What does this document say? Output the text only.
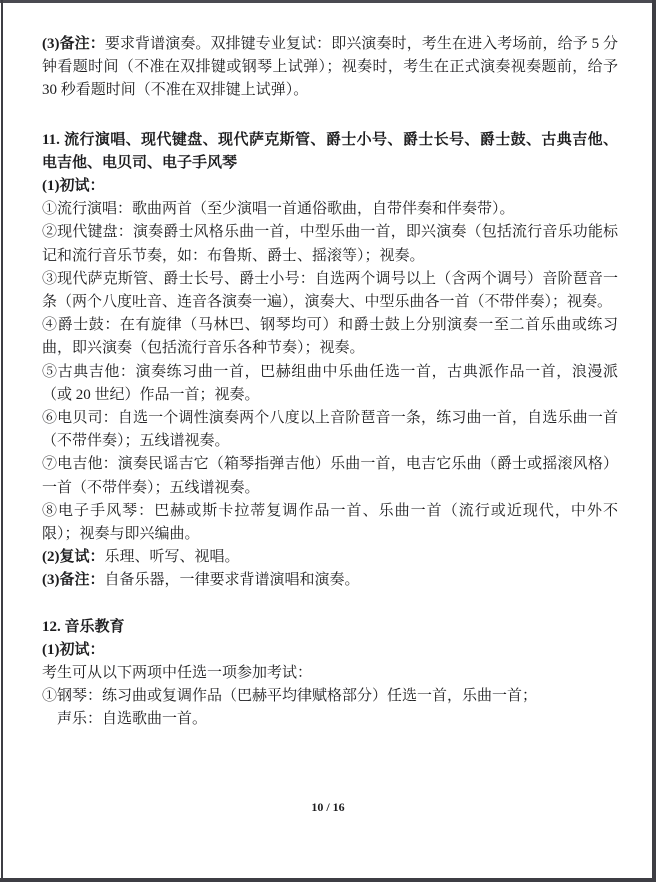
(3)备注：要求背谱演奏。双排键专业复试：即兴演奏时，考生在进入考场前，给予 5 分钟看题时间（不准在双排键或钢琴上试弹）；视奏时，考生在正式演奏视奏题前，给予 30 秒看题时间（不准在双排键上试弹）。

11. 流行演唱、现代键盘、现代萨克斯管、爵士小号、爵士长号、爵士鼓、古典吉他、电吉他、电贝司、电子手风琴

(1)初试：

①流行演唱：歌曲两首（至少演唱一首通俗歌曲，自带伴奏和伴奏带）。

②现代键盘：演奏爵士风格乐曲一首，中型乐曲一首，即兴演奏（包括流行音乐功能标记和流行音乐节奏，如：布鲁斯、爵士、摇滚等）；视奏。

③现代萨克斯管、爵士长号、爵士小号：自选两个调号以上（含两个调号）音阶琶音一条（两个八度吐音、连音各演奏一遍），演奏大、中型乐曲各一首（不带伴奏）；视奏。

④爵士鼓：在有旋律（马林巴、钢琴均可）和爵士鼓上分别演奏一至二首乐曲或练习曲，即兴演奏（包括流行音乐各种节奏）；视奏。

⑤古典吉他：演奏练习曲一首，巴赫组曲中乐曲任选一首，古典派作品一首，浪漫派（或 20 世纪）作品一首；视奏。

⑥电贝司：自选一个调性演奏两个八度以上音阶琶音一条，练习曲一首，自选乐曲一首（不带伴奏）；五线谱视奏。

⑦电吉他：演奏民谣吉它（箱琴指弹吉他）乐曲一首，电吉它乐曲（爵士或摇滚风格）一首（不带伴奏）；五线谱视奏。

⑧电子手风琴：巴赫或斯卡拉蒂复调作品一首、乐曲一首（流行或近现代，中外不限）；视奏与即兴编曲。

(2)复试：乐理、听写、视唱。

(3)备注：自备乐器，一律要求背谱演唱和演奏。

12. 音乐教育

(1)初试：

考生可从以下两项中任选一项参加考试：

①钢琴：练习曲或复调作品（巴赫平均律赋格部分）任选一首，乐曲一首；

声乐：自选歌曲一首。

10 / 16
